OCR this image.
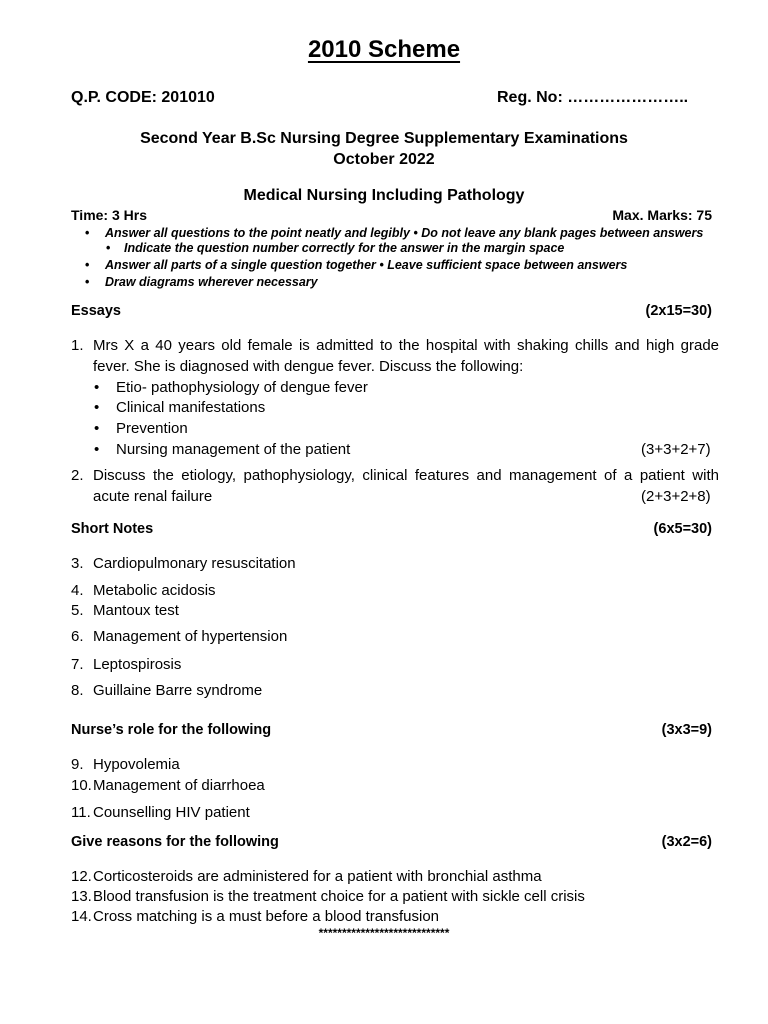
2010 Scheme
Q.P. CODE: 201010	Reg. No: …………………..
Second Year B.Sc Nursing Degree Supplementary Examinations
October 2022
Medical Nursing Including Pathology
Time: 3 Hrs	Max. Marks: 75
• Answer all questions to the point neatly and legibly • Do not leave any blank pages between answers
• Indicate the question number correctly for the answer in the margin space
• Answer all parts of a single question together • Leave sufficient space between answers
• Draw diagrams wherever necessary
Essays	(2x15=30)
1. Mrs X a 40 years old female is admitted to the hospital with shaking chills and high grade
fever. She is diagnosed with dengue fever. Discuss the following:
• Etio- pathophysiology of dengue fever
• Clinical manifestations
• Prevention
• Nursing management of the patient	(3+3+2+7)
2. Discuss the etiology, pathophysiology, clinical features and management of a patient with
acute renal failure	(2+3+2+8)
Short Notes	(6x5=30)
3. Cardiopulmonary resuscitation
4. Metabolic acidosis
5. Mantoux test
6. Management of hypertension
7. Leptospirosis
8. Guillaine Barre syndrome
Nurse’s role for the following	(3x3=9)
9. Hypovolemia
10. Management of diarrhoea
11. Counselling HIV patient
Give reasons for the following	(3x2=6)
12. Corticosteroids are administered for a patient with bronchial asthma
13. Blood transfusion is the treatment choice for a patient with sickle cell crisis
14. Cross matching is a must before a blood transfusion
****************************
